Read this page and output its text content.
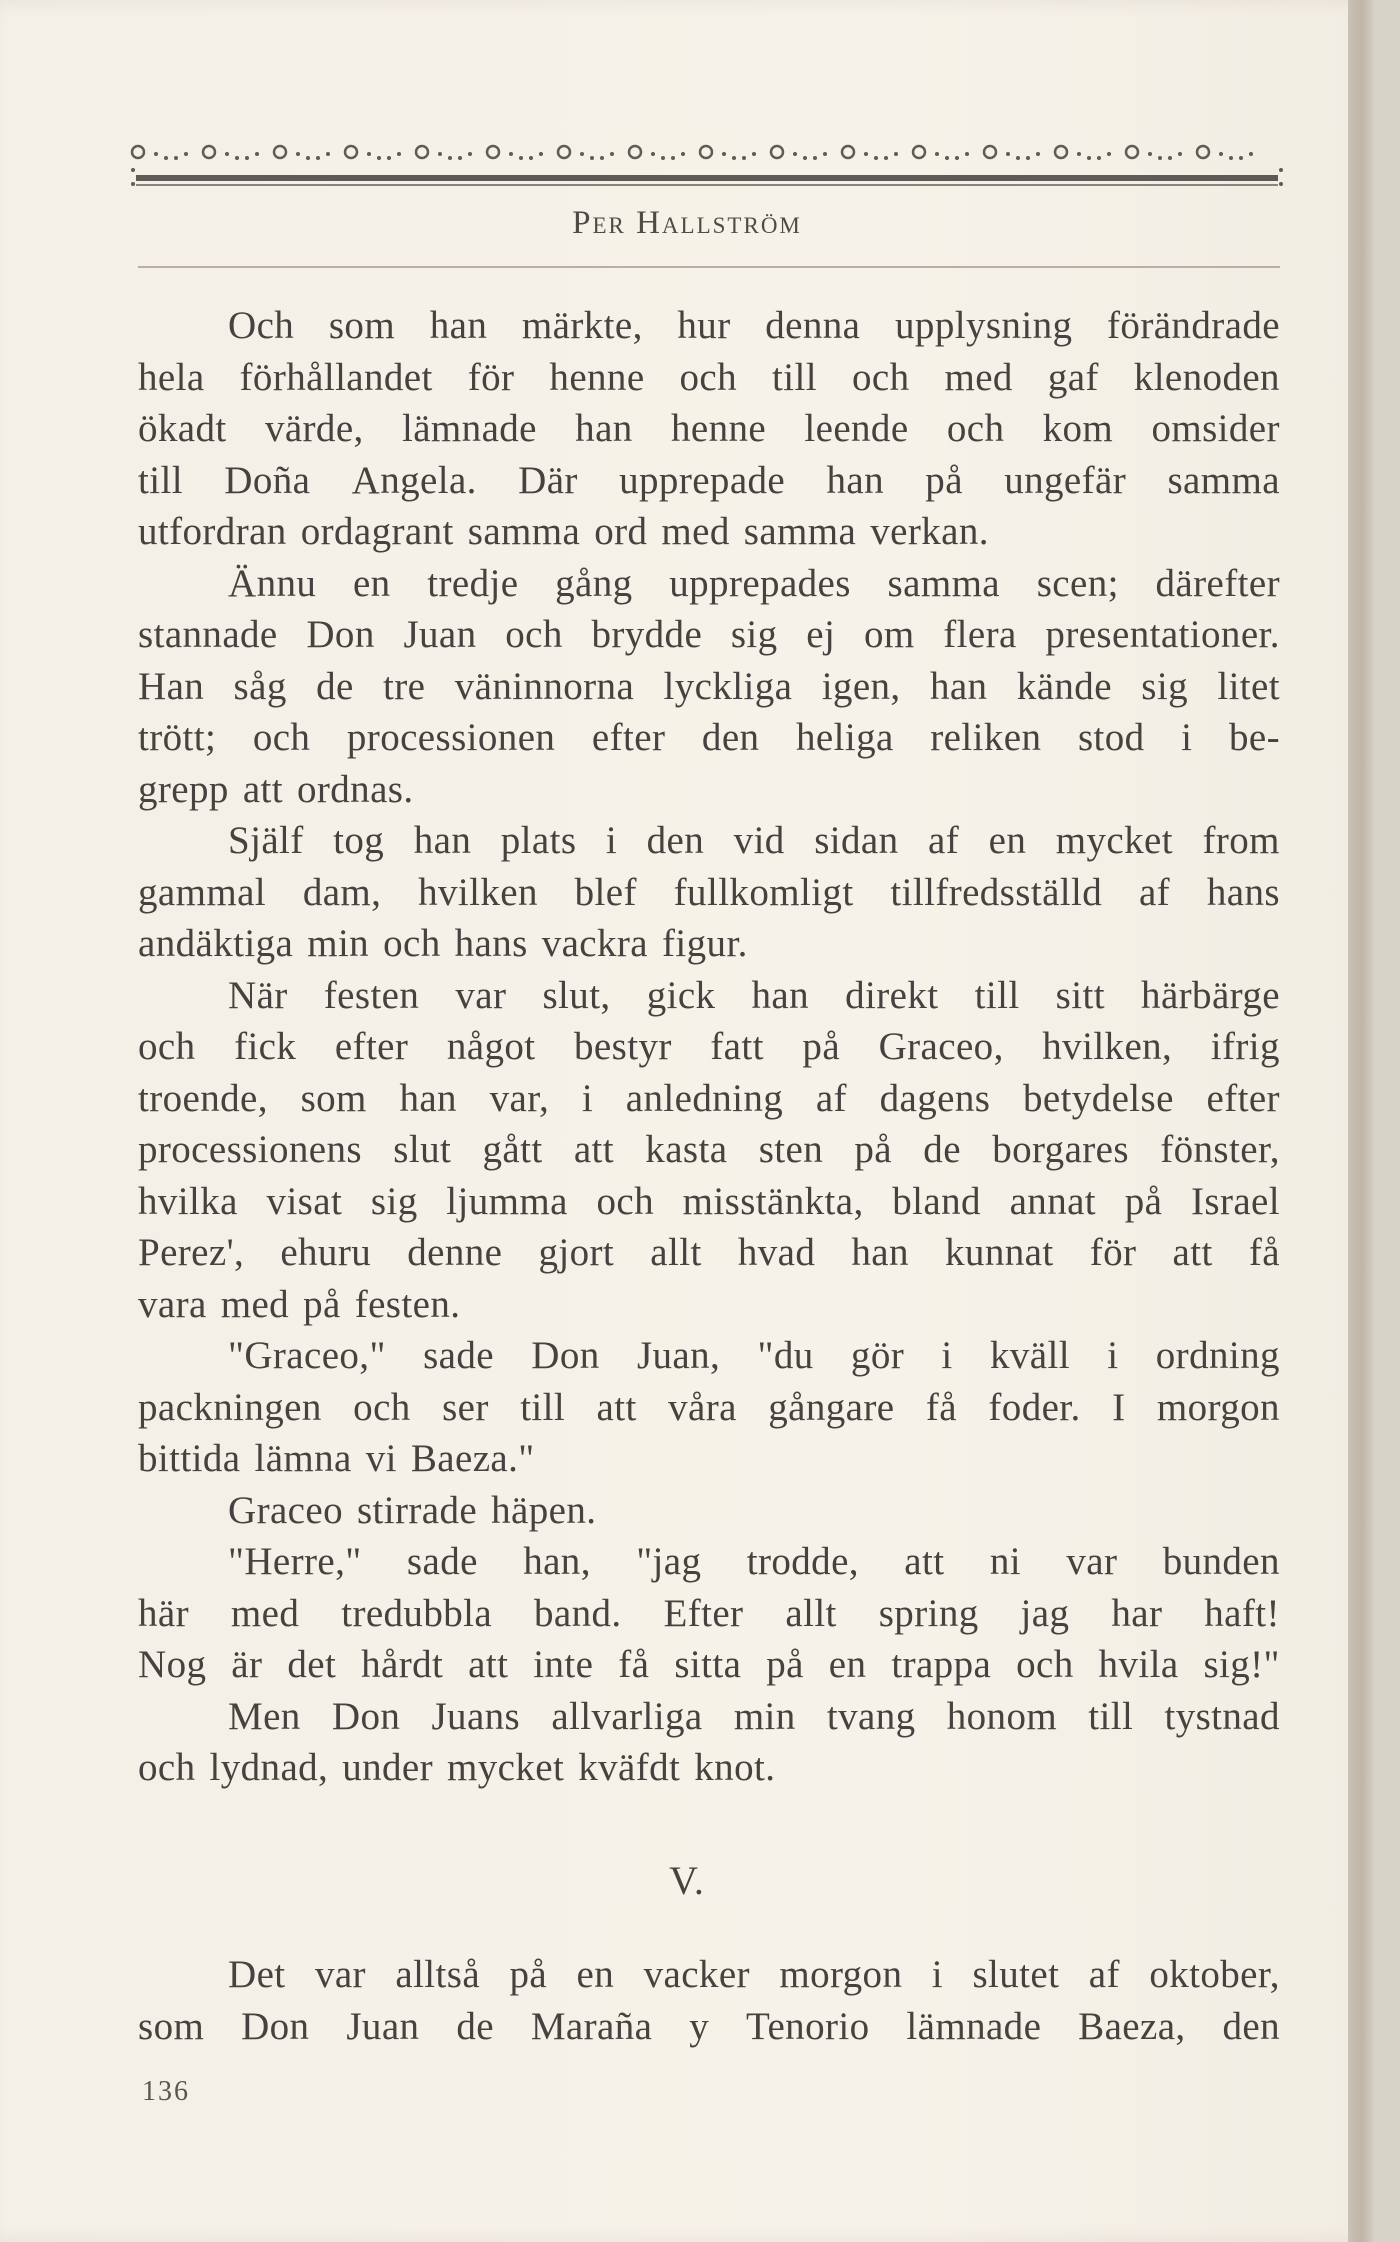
Per Hallström
Och som han märkte, hur denna upplysning förändrade
hela förhållandet för henne och till och med gaf klenoden
ökadt värde, lämnade han henne leende och kom omsider
till Doña Angela. Där upprepade han på ungefär samma
utfordran ordagrant samma ord med samma verkan.
Ännu en tredje gång upprepades samma scen; därefter
stannade Don Juan och brydde sig ej om flera presentationer.
Han såg de tre väninnorna lyckliga igen, han kände sig litet
trött; och processionen efter den heliga reliken stod i be-
grepp att ordnas.
Själf tog han plats i den vid sidan af en mycket from
gammal dam, hvilken blef fullkomligt tillfredsställd af hans
andäktiga min och hans vackra figur.
När festen var slut, gick han direkt till sitt härbärge
och fick efter något bestyr fatt på Graceo, hvilken, ifrig
troende, som han var, i anledning af dagens betydelse efter
processionens slut gått att kasta sten på de borgares fönster,
hvilka visat sig ljumma och misstänkta, bland annat på Israel
Perez', ehuru denne gjort allt hvad han kunnat för att få
vara med på festen.
"Graceo," sade Don Juan, "du gör i kväll i ordning
packningen och ser till att våra gångare få foder. I morgon
bittida lämna vi Baeza."
Graceo stirrade häpen.
"Herre," sade han, "jag trodde, att ni var bunden
här med tredubbla band. Efter allt spring jag har haft!
Nog är det hårdt att inte få sitta på en trappa och hvila sig!"
Men Don Juans allvarliga min tvang honom till tystnad
och lydnad, under mycket kväfdt knot.
V.
Det var alltså på en vacker morgon i slutet af oktober,
som Don Juan de Maraña y Tenorio lämnade Baeza, den
136
